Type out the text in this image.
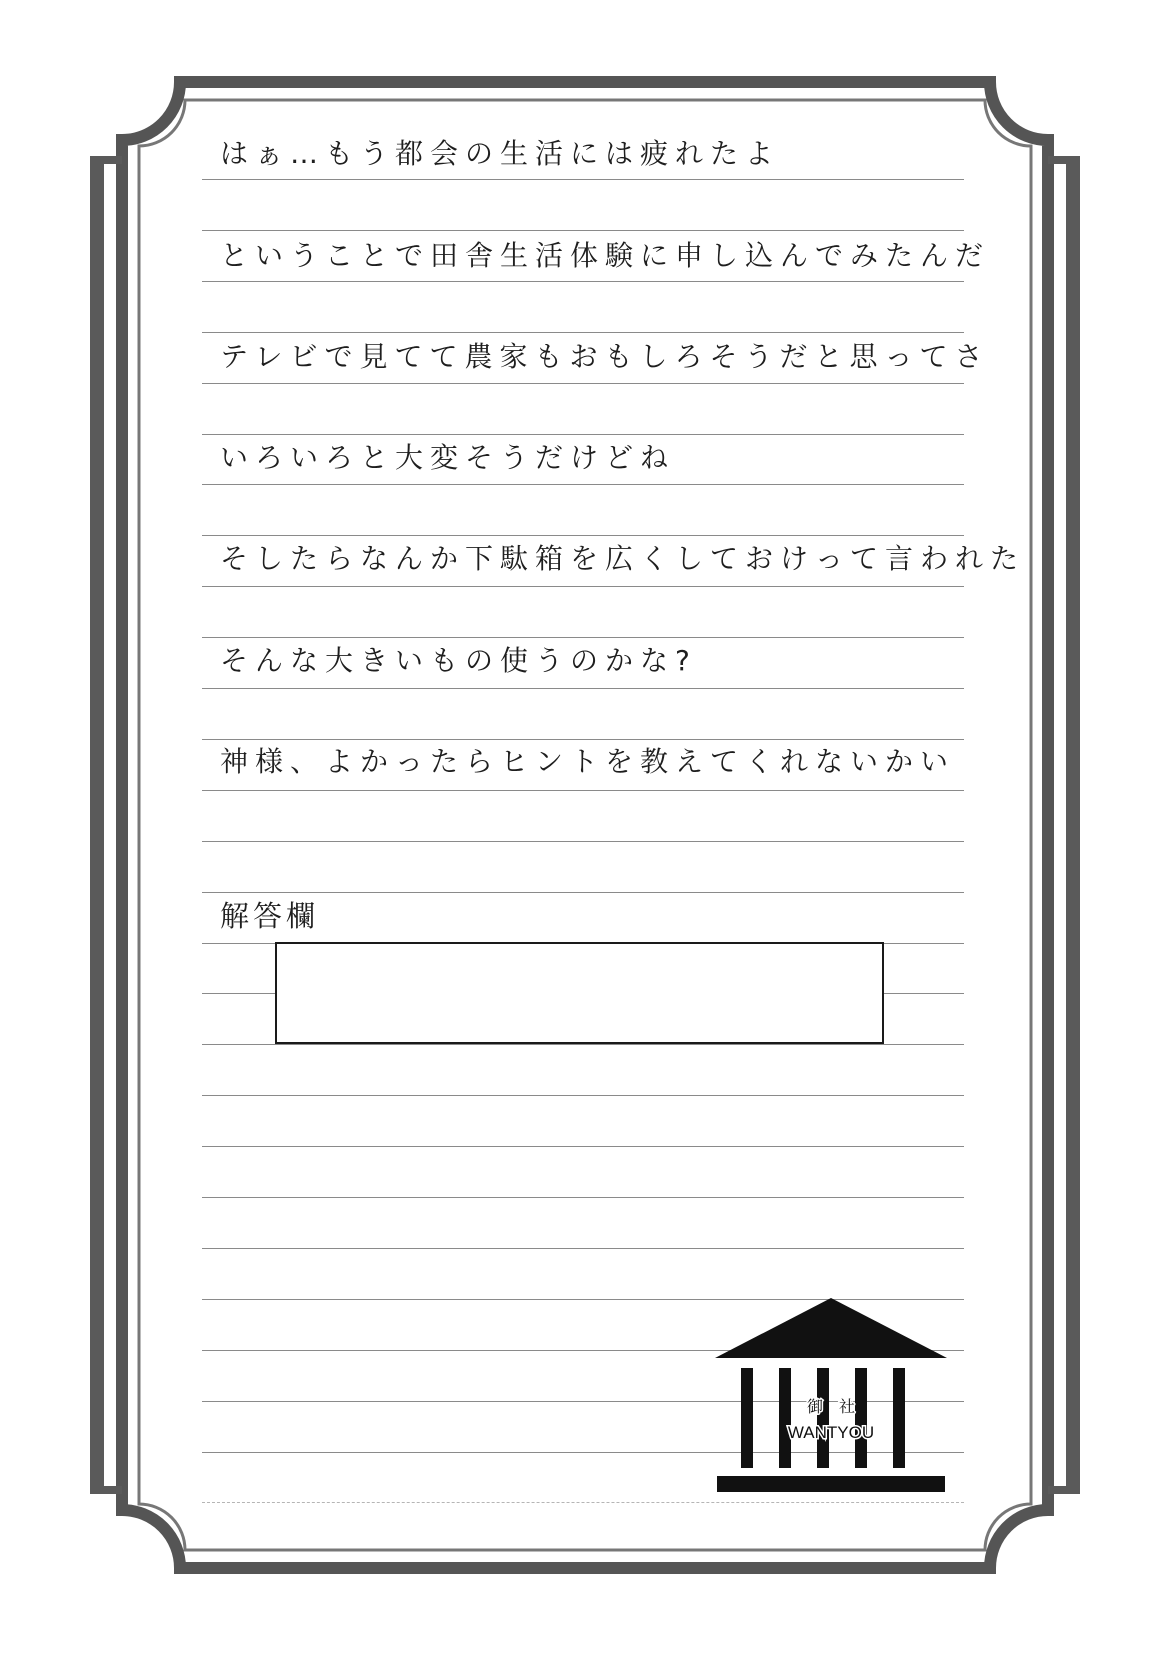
はぁ…もう都会の生活には疲れたよ
ということで田舎生活体験に申し込んでみたんだ
テレビで見てて農家もおもしろそうだと思ってさ
いろいろと大変そうだけどね
そしたらなんか下駄箱を広くしておけって言われた
そんな大きいもの使うのかな?
神様、よかったらヒントを教えてくれないかい
解答欄
御　社
WANTYOU
